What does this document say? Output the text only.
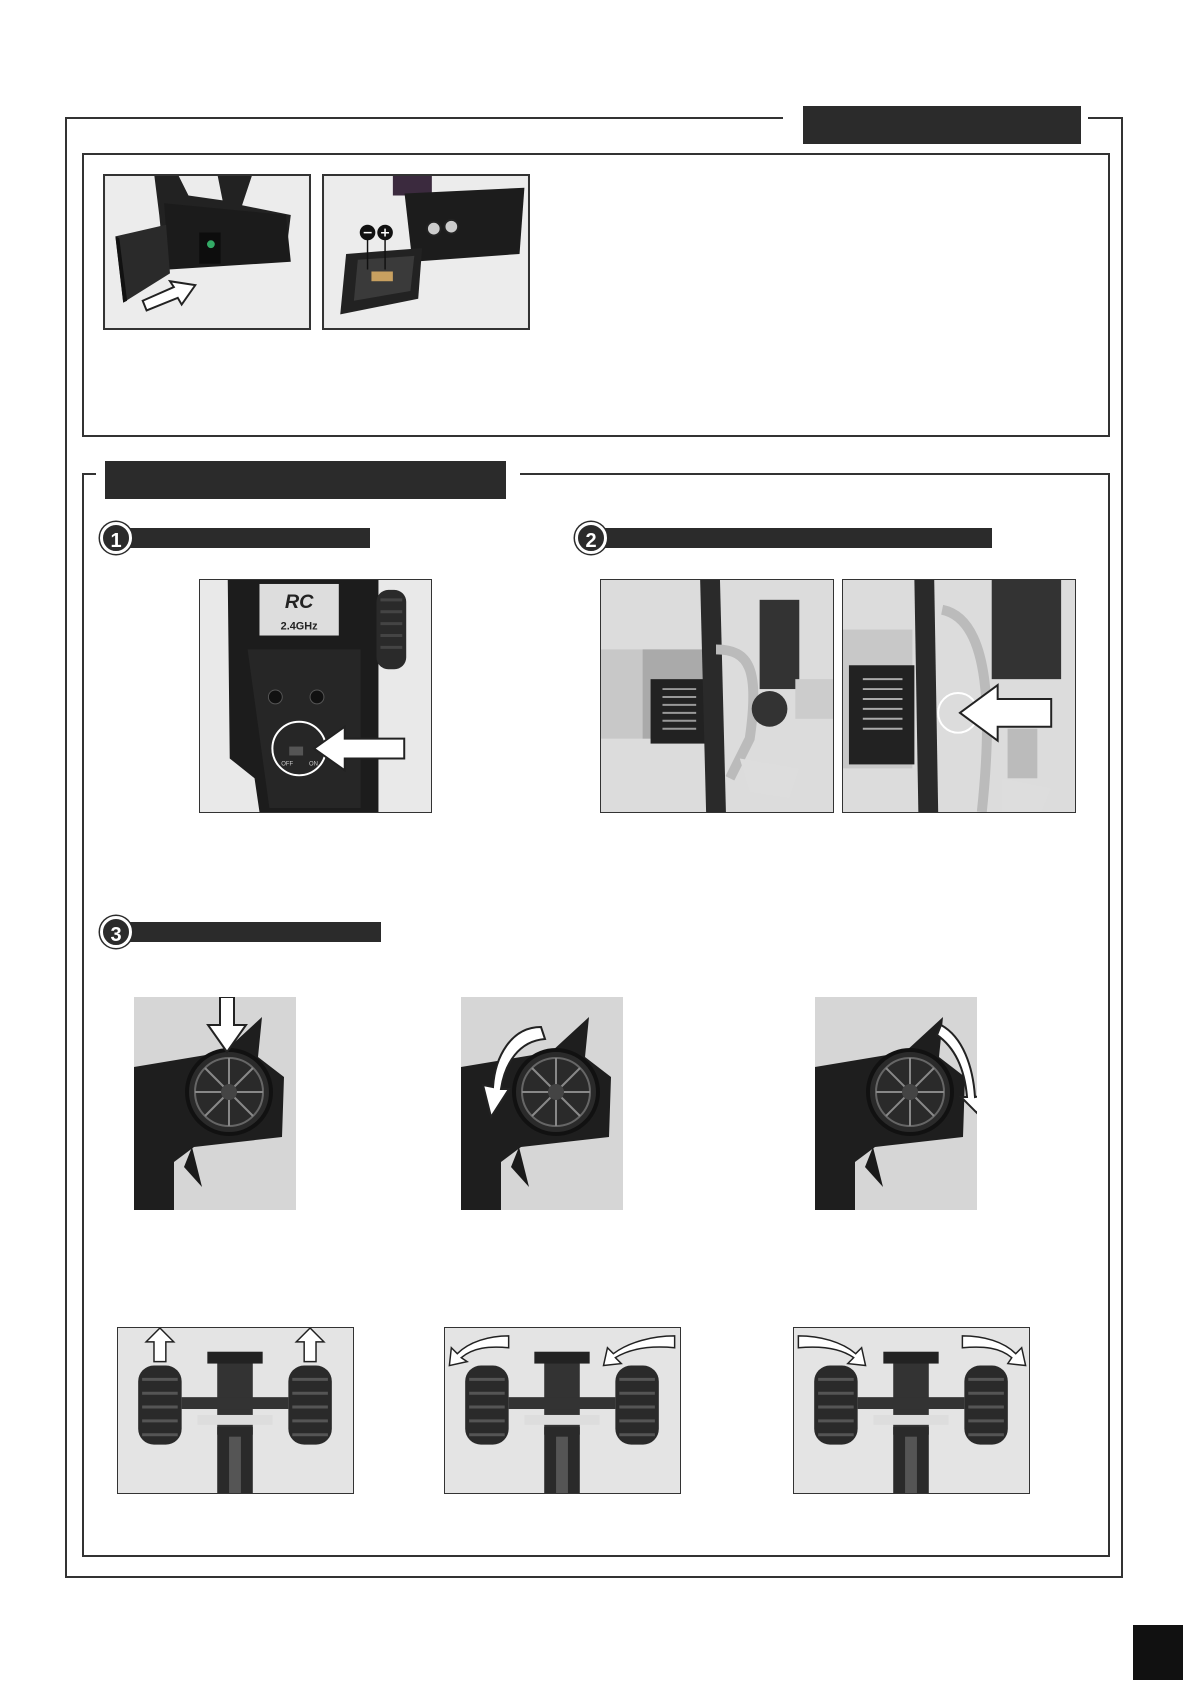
− +
1	2
RC
2.4GHz
OFF	ON
3
